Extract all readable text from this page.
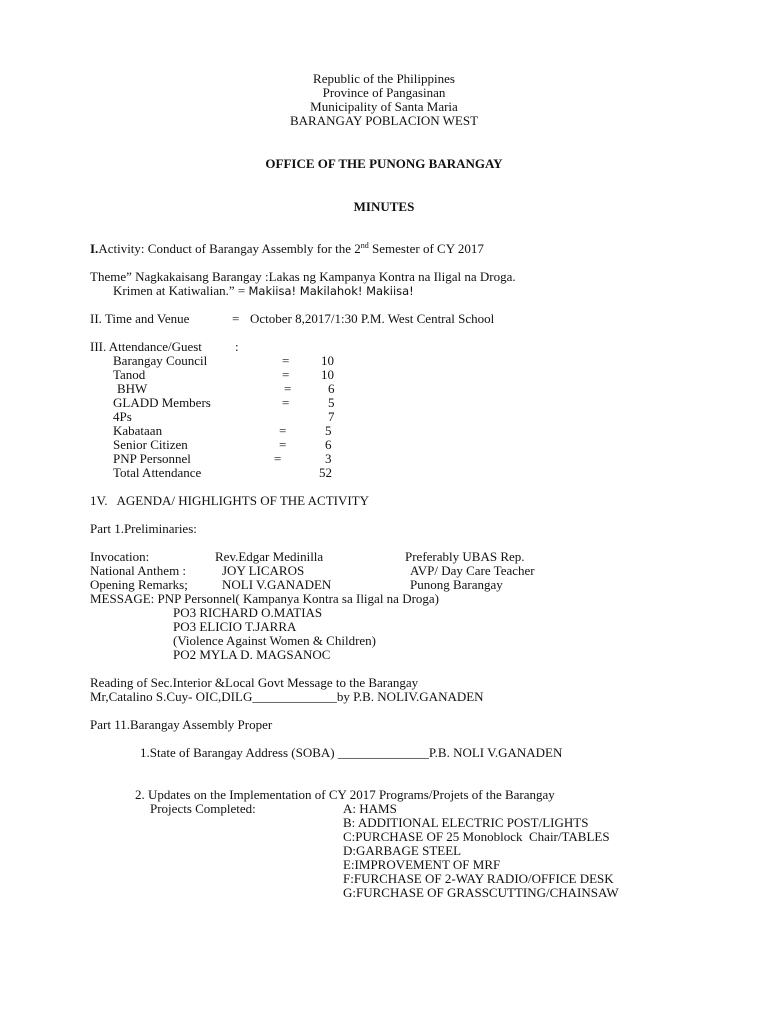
Republic of the Philippines
Province of Pangasinan
Municipality of Santa Maria
BARANGAY POBLACION WEST
OFFICE OF THE PUNONG BARANGAY
MINUTES
I.Activity: Conduct of Barangay Assembly for the 2nd Semester of CY 2017
Theme” Nagkakaisang Barangay :Lakas ng Kampanya Kontra na Iligal na Droga.
Krimen at Katiwalian.” = Makiisa! Makilahok! Makiisa!
II. Time and Venue	= October 8,2017/1:30 P.M. West Central School
III. Attendance/Guest	:
Barangay Council	= 10
Tanod	= 10
BHW	=	6
GLADD Members	=	5
4Ps	7
Kabataan	=	5
Senior Citizen	=	6
PNP Personnel	=	3
Total Attendance	52
1V.   AGENDA/ HIGHLIGHTS OF THE ACTIVITY
Part 1.Preliminaries:
Invocation:	Rev.Edgar Medinilla	Preferably UBAS Rep.
National Anthem :	JOY LICAROS	AVP/ Day Care Teacher
Opening Remarks;	NOLI V.GANADEN	Punong Barangay
MESSAGE: PNP Personnel( Kampanya Kontra sa Iligal na Droga)
PO3 RICHARD O.MATIAS
PO3 ELICIO T.JARRA
(Violence Against Women & Children)
PO2 MYLA D. MAGSANOC
Reading of Sec.Interior &Local Govt Message to the Barangay
Mr,Catalino S.Cuy- OIC,DILG_____________by P.B. NOLIV.GANADEN
Part 11.Barangay Assembly Proper
1.State of Barangay Address (SOBA) ______________P.B. NOLI V.GANADEN
2. Updates on the Implementation of CY 2017 Programs/Projets of the Barangay
Projects Completed:	A: HAMS
B: ADDITIONAL ELECTRIC POST/LIGHTS
C:PURCHASE OF 25 Monoblock  Chair/TABLES
D:GARBAGE STEEL
E:IMPROVEMENT OF MRF
F:FURCHASE OF 2-WAY RADIO/OFFICE DESK
G:FURCHASE OF GRASSCUTTING/CHAINSAW
